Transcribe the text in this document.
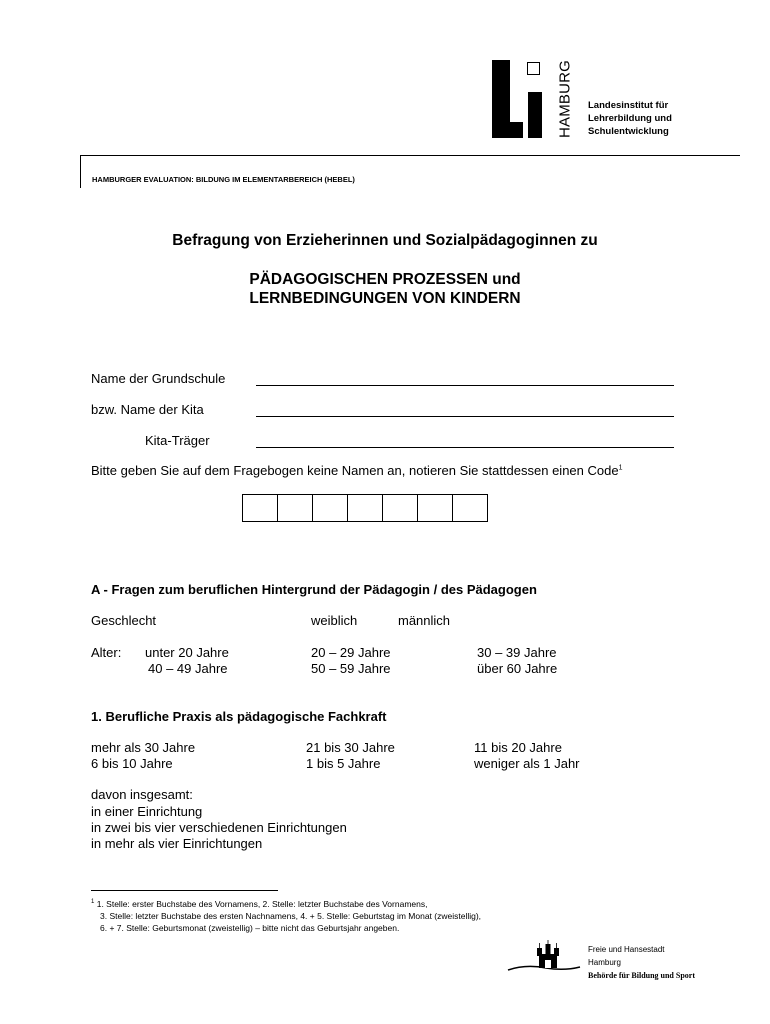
HAMBURG Landesinstitut für
Lehrerbildung und
Schulentwicklung
HAMBURGER EVALUATION: BILDUNG IM ELEMENTARBEREICH (HEBEL)
Befragung von Erzieherinnen und Sozialpädagoginnen zu
PÄDAGOGISCHEN PROZESSEN und
LERNBEDINGUNGEN VON KINDERN
Name der Grundschule
bzw. Name der Kita
Kita-Träger
Bitte geben Sie auf dem Fragebogen keine Namen an, notieren Sie stattdessen einen Code$^1$
A - Fragen zum beruflichen Hintergrund der Pädagogin / des Pädagogen
Geschlecht	weiblich	männlich
Alter: unter 20 Jahre	20 – 29 Jahre	30 – 39 Jahre
40 – 49 Jahre	50 – 59 Jahre	über 60 Jahre
1. Berufliche Praxis als pädagogische Fachkraft
mehr als 30 Jahre	21 bis 30 Jahre	11 bis 20 Jahre
6 bis 10 Jahre	1 bis 5 Jahre	weniger als 1 Jahr
davon insgesamt:
in einer Einrichtung
in zwei bis vier verschiedenen Einrichtungen
in mehr als vier Einrichtungen
$^1$ 1. Stelle: erster Buchstabe des Vornamens, 2. Stelle: letzter Buchstabe des Vornamens,
3. Stelle: letzter Buchstabe des ersten Nachnamens, 4. + 5. Stelle: Geburtstag im Monat (zweistellig),
6. + 7. Stelle: Geburtsmonat (zweistellig) – bitte nicht das Geburtsjahr angeben.
Freie und Hansestadt
Hamburg
Behörde für Bildung und Sport
